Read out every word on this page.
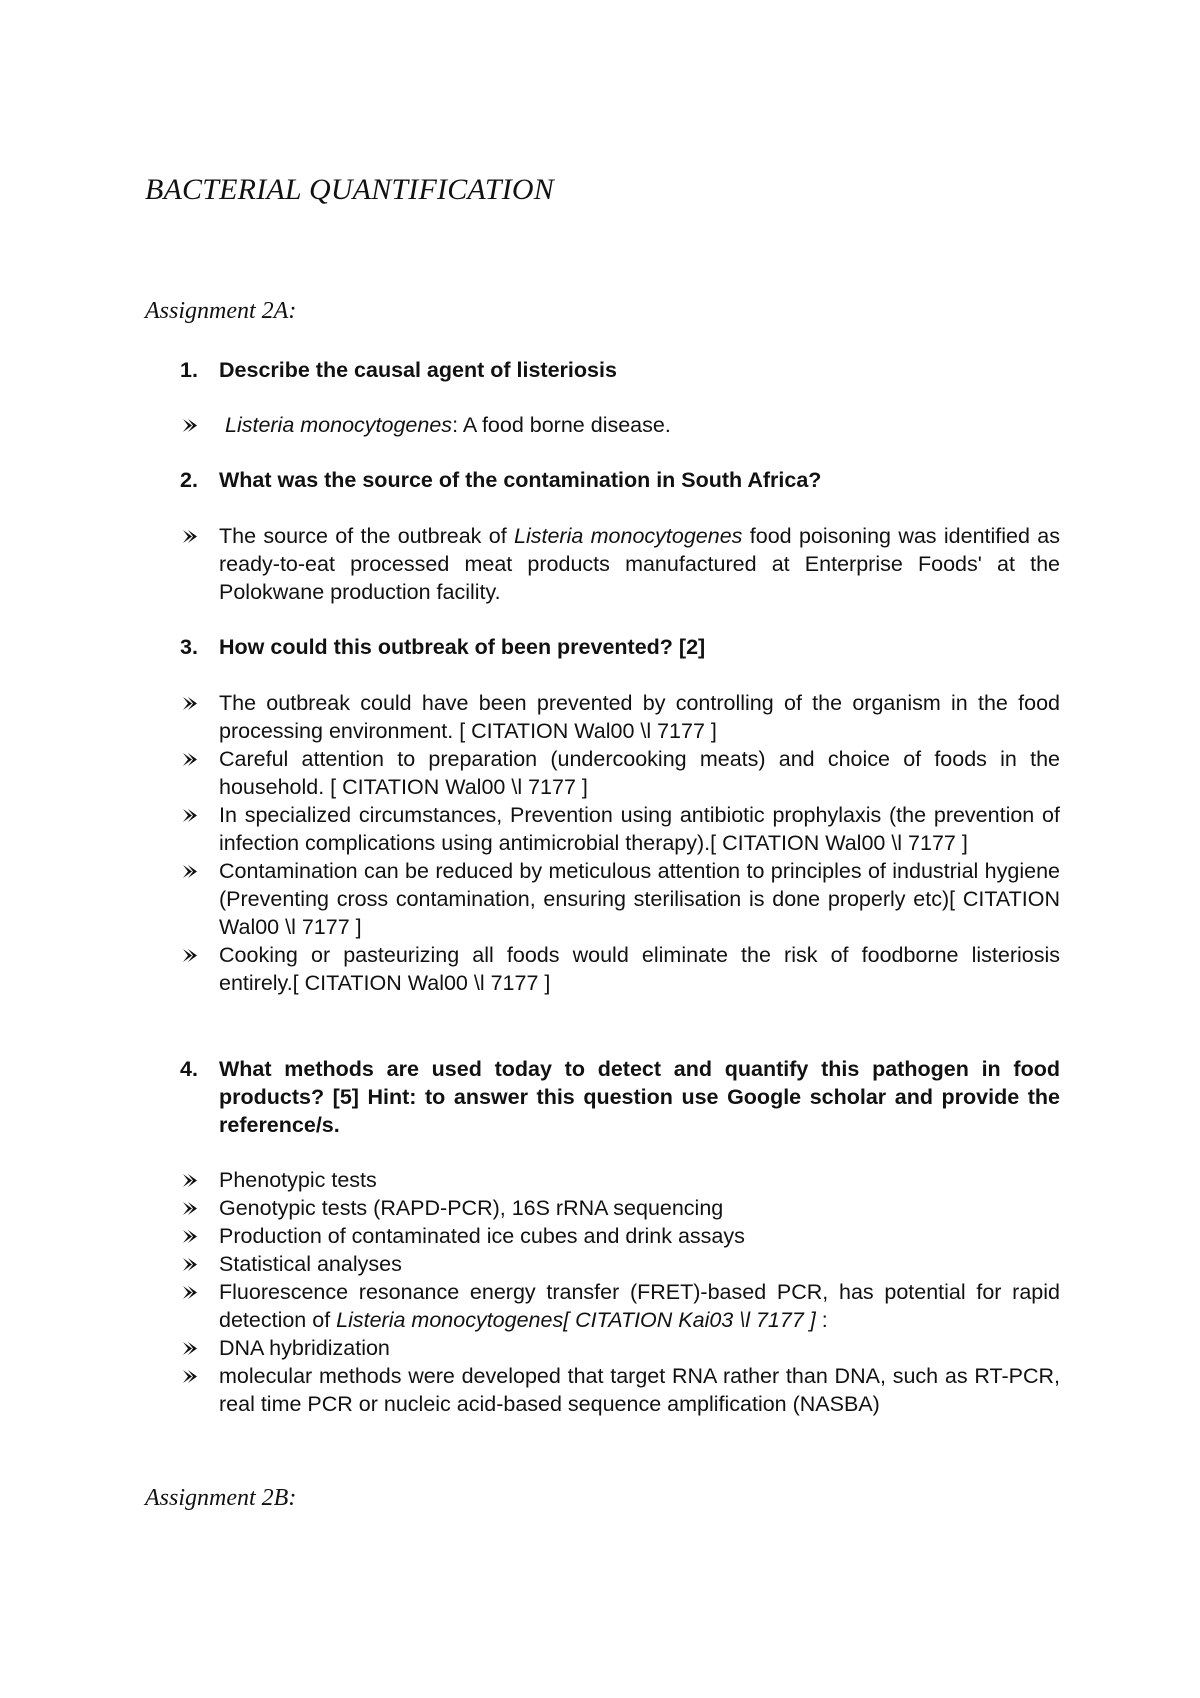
BACTERIAL QUANTIFICATION
Assignment 2A:
1. Describe the causal agent of listeriosis
Listeria monocytogenes: A food borne disease.
2. What was the source of the contamination in South Africa?
The source of the outbreak of Listeria monocytogenes food poisoning was identified as ready-to-eat processed meat products manufactured at Enterprise Foods' at the Polokwane production facility.
3. How could this outbreak of been prevented? [2]
The outbreak could have been prevented by controlling of the organism in the food processing environment. [ CITATION Wal00 \l 7177 ]
Careful attention to preparation (undercooking meats) and choice of foods in the household. [ CITATION Wal00 \l 7177 ]
In specialized circumstances, Prevention using antibiotic prophylaxis (the prevention of infection complications using antimicrobial therapy).[ CITATION Wal00 \l 7177 ]
Contamination can be reduced by meticulous attention to principles of industrial hygiene (Preventing cross contamination, ensuring sterilisation is done properly etc)[ CITATION Wal00 \l 7177 ]
Cooking or pasteurizing all foods would eliminate the risk of foodborne listeriosis entirely.[ CITATION Wal00 \l 7177 ]
4. What methods are used today to detect and quantify this pathogen in food products? [5] Hint: to answer this question use Google scholar and provide the reference/s.
Phenotypic tests
Genotypic tests (RAPD-PCR), 16S rRNA sequencing
Production of contaminated ice cubes and drink assays
Statistical analyses
Fluorescence resonance energy transfer (FRET)-based PCR, has potential for rapid detection of Listeria monocytogenes[ CITATION Kai03 \l 7177 ] :
DNA hybridization
molecular methods were developed that target RNA rather than DNA, such as RT-PCR, real time PCR or nucleic acid-based sequence amplification (NASBA)
Assignment 2B:
